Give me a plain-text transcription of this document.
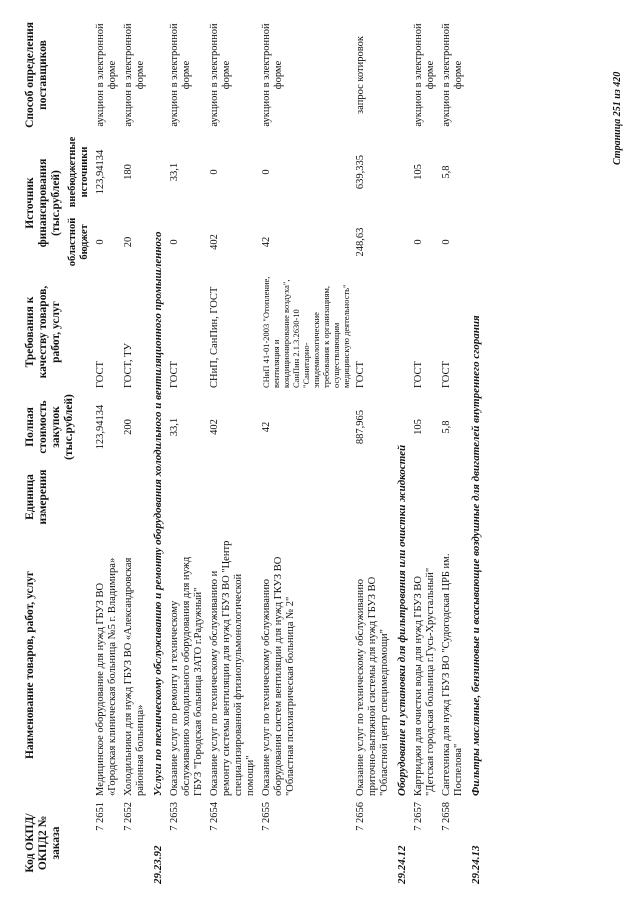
Код ОКПД/ ОКПД2 № заказа	Наименование товаров, работ, услуг	Единица измерения	Полная стоимость закупок (тыс.рублей)	Требования к качеству товаров, работ, услуг	Источник финансирования (тыс.рублей)		Способ определения поставщиков
					областной бюджет	внебюджетные источники	
7 2651	Медицинское оборудование для нужд ГБУЗ ВО «Городская клиническая больница №5 г. Владимира»		123,94134	ГОСТ	0	123,94134	аукцион в электронной форме
7 2652	Холодильники для нужд ГБУЗ ВО «Александровская районная больница»		200	ГОСТ, ТУ	20	180	аукцион в электронной форме
29.23.92	Услуги по техническому обслуживанию и ремонту оборудования холодильного и вентиляционного промышленного						
7 2653	Оказание услуг по ремонту и техническому обслуживанию холодильного оборудования для нужд ГБУЗ "Городская больница ЗАТО г.Радужный"		33,1	ГОСТ	0	33,1	аукцион в электронной форме
7 2654	Оказание услуг по техническому обслуживанию и ремонту системы вентиляции для нужд ГБУЗ ВО "Центр специализированной фтизиопульмонологической помощи"		402	СНиП, СанПин, ГОСТ	402	0	аукцион в электронной форме
7 2655	Оказание услуг по техническому обслуживанию оборудования систем вентиляции для нужд ГКУЗ ВО "Областная психиатрическая больница № 2"		42	СНиП 41-01-2003 "Отопление, вентиляция и кондиционирование воздуха", СанПин 2.1.3.2630-10 "Санитарно-эпидемиологические требования к организациям, осуществляющим медицинскую деятельность"	42	0	аукцион в электронной форме
7 2656	Оказание услуг по техническому обслуживанию приточно-вытяжной системы для нужд ГБУЗ ВО "Областной центр специмедпомощи"		887,965	ГОСТ	248,63	639,335	запрос котировок
29.24.12	Оборудование и установки для фильтрования или очистки жидкостей						
7 2657	Картриджи для очистки воды для нужд ГБУЗ ВО "Детская городская больница г.Гусь-Хрустальный"		105	ГОСТ	0	105	аукцион в электронной форме
7 2658	Сантехника для нужд ГБУЗ ВО "Судогодская ЦРБ им. Поспелова"		5,8	ГОСТ	0	5,8	аукцион в электронной форме
29.24.13	Фильтры масляные, бензиновые и всасывающие воздушные для двигателей внутреннего сгорания						
Страница 251 из 420
